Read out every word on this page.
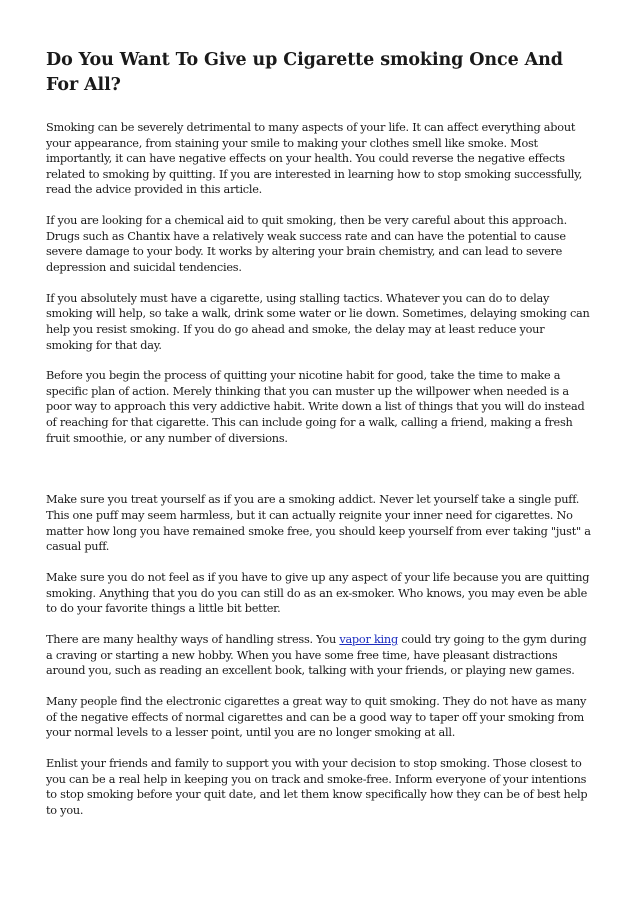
Do You Want To Give up Cigarette smoking Once And For All?

Smoking can be severely detrimental to many aspects of your life. It can affect everything about your appearance, from staining your smile to making your clothes smell like smoke. Most importantly, it can have negative effects on your health. You could reverse the negative effects related to smoking by quitting. If you are interested in learning how to stop smoking successfully, read the advice provided in this article.

If you are looking for a chemical aid to quit smoking, then be very careful about this approach. Drugs such as Chantix have a relatively weak success rate and can have the potential to cause severe damage to your body. It works by altering your brain chemistry, and can lead to severe depression and suicidal tendencies.

If you absolutely must have a cigarette, using stalling tactics. Whatever you can do to delay smoking will help, so take a walk, drink some water or lie down. Sometimes, delaying smoking can help you resist smoking. If you do go ahead and smoke, the delay may at least reduce your smoking for that day.

Before you begin the process of quitting your nicotine habit for good, take the time to make a specific plan of action. Merely thinking that you can muster up the willpower when needed is a poor way to approach this very addictive habit. Write down a list of things that you will do instead of reaching for that cigarette. This can include going for a walk, calling a friend, making a fresh fruit smoothie, or any number of diversions.

Make sure you treat yourself as if you are a smoking addict. Never let yourself take a single puff. This one puff may seem harmless, but it can actually reignite your inner need for cigarettes. No matter how long you have remained smoke free, you should keep yourself from ever taking "just" a casual puff.

Make sure you do not feel as if you have to give up any aspect of your life because you are quitting smoking. Anything that you do you can still do as an ex-smoker. Who knows, you may even be able to do your favorite things a little bit better.

There are many healthy ways of handling stress. You vapor king could try going to the gym during a craving or starting a new hobby. When you have some free time, have pleasant distractions around you, such as reading an excellent book, talking with your friends, or playing new games.

Many people find the electronic cigarettes a great way to quit smoking. They do not have as many of the negative effects of normal cigarettes and can be a good way to taper off your smoking from your normal levels to a lesser point, until you are no longer smoking at all.

Enlist your friends and family to support you with your decision to stop smoking. Those closest to you can be a real help in keeping you on track and smoke-free. Inform everyone of your intentions to stop smoking before your quit date, and let them know specifically how they can be of best help to you.
